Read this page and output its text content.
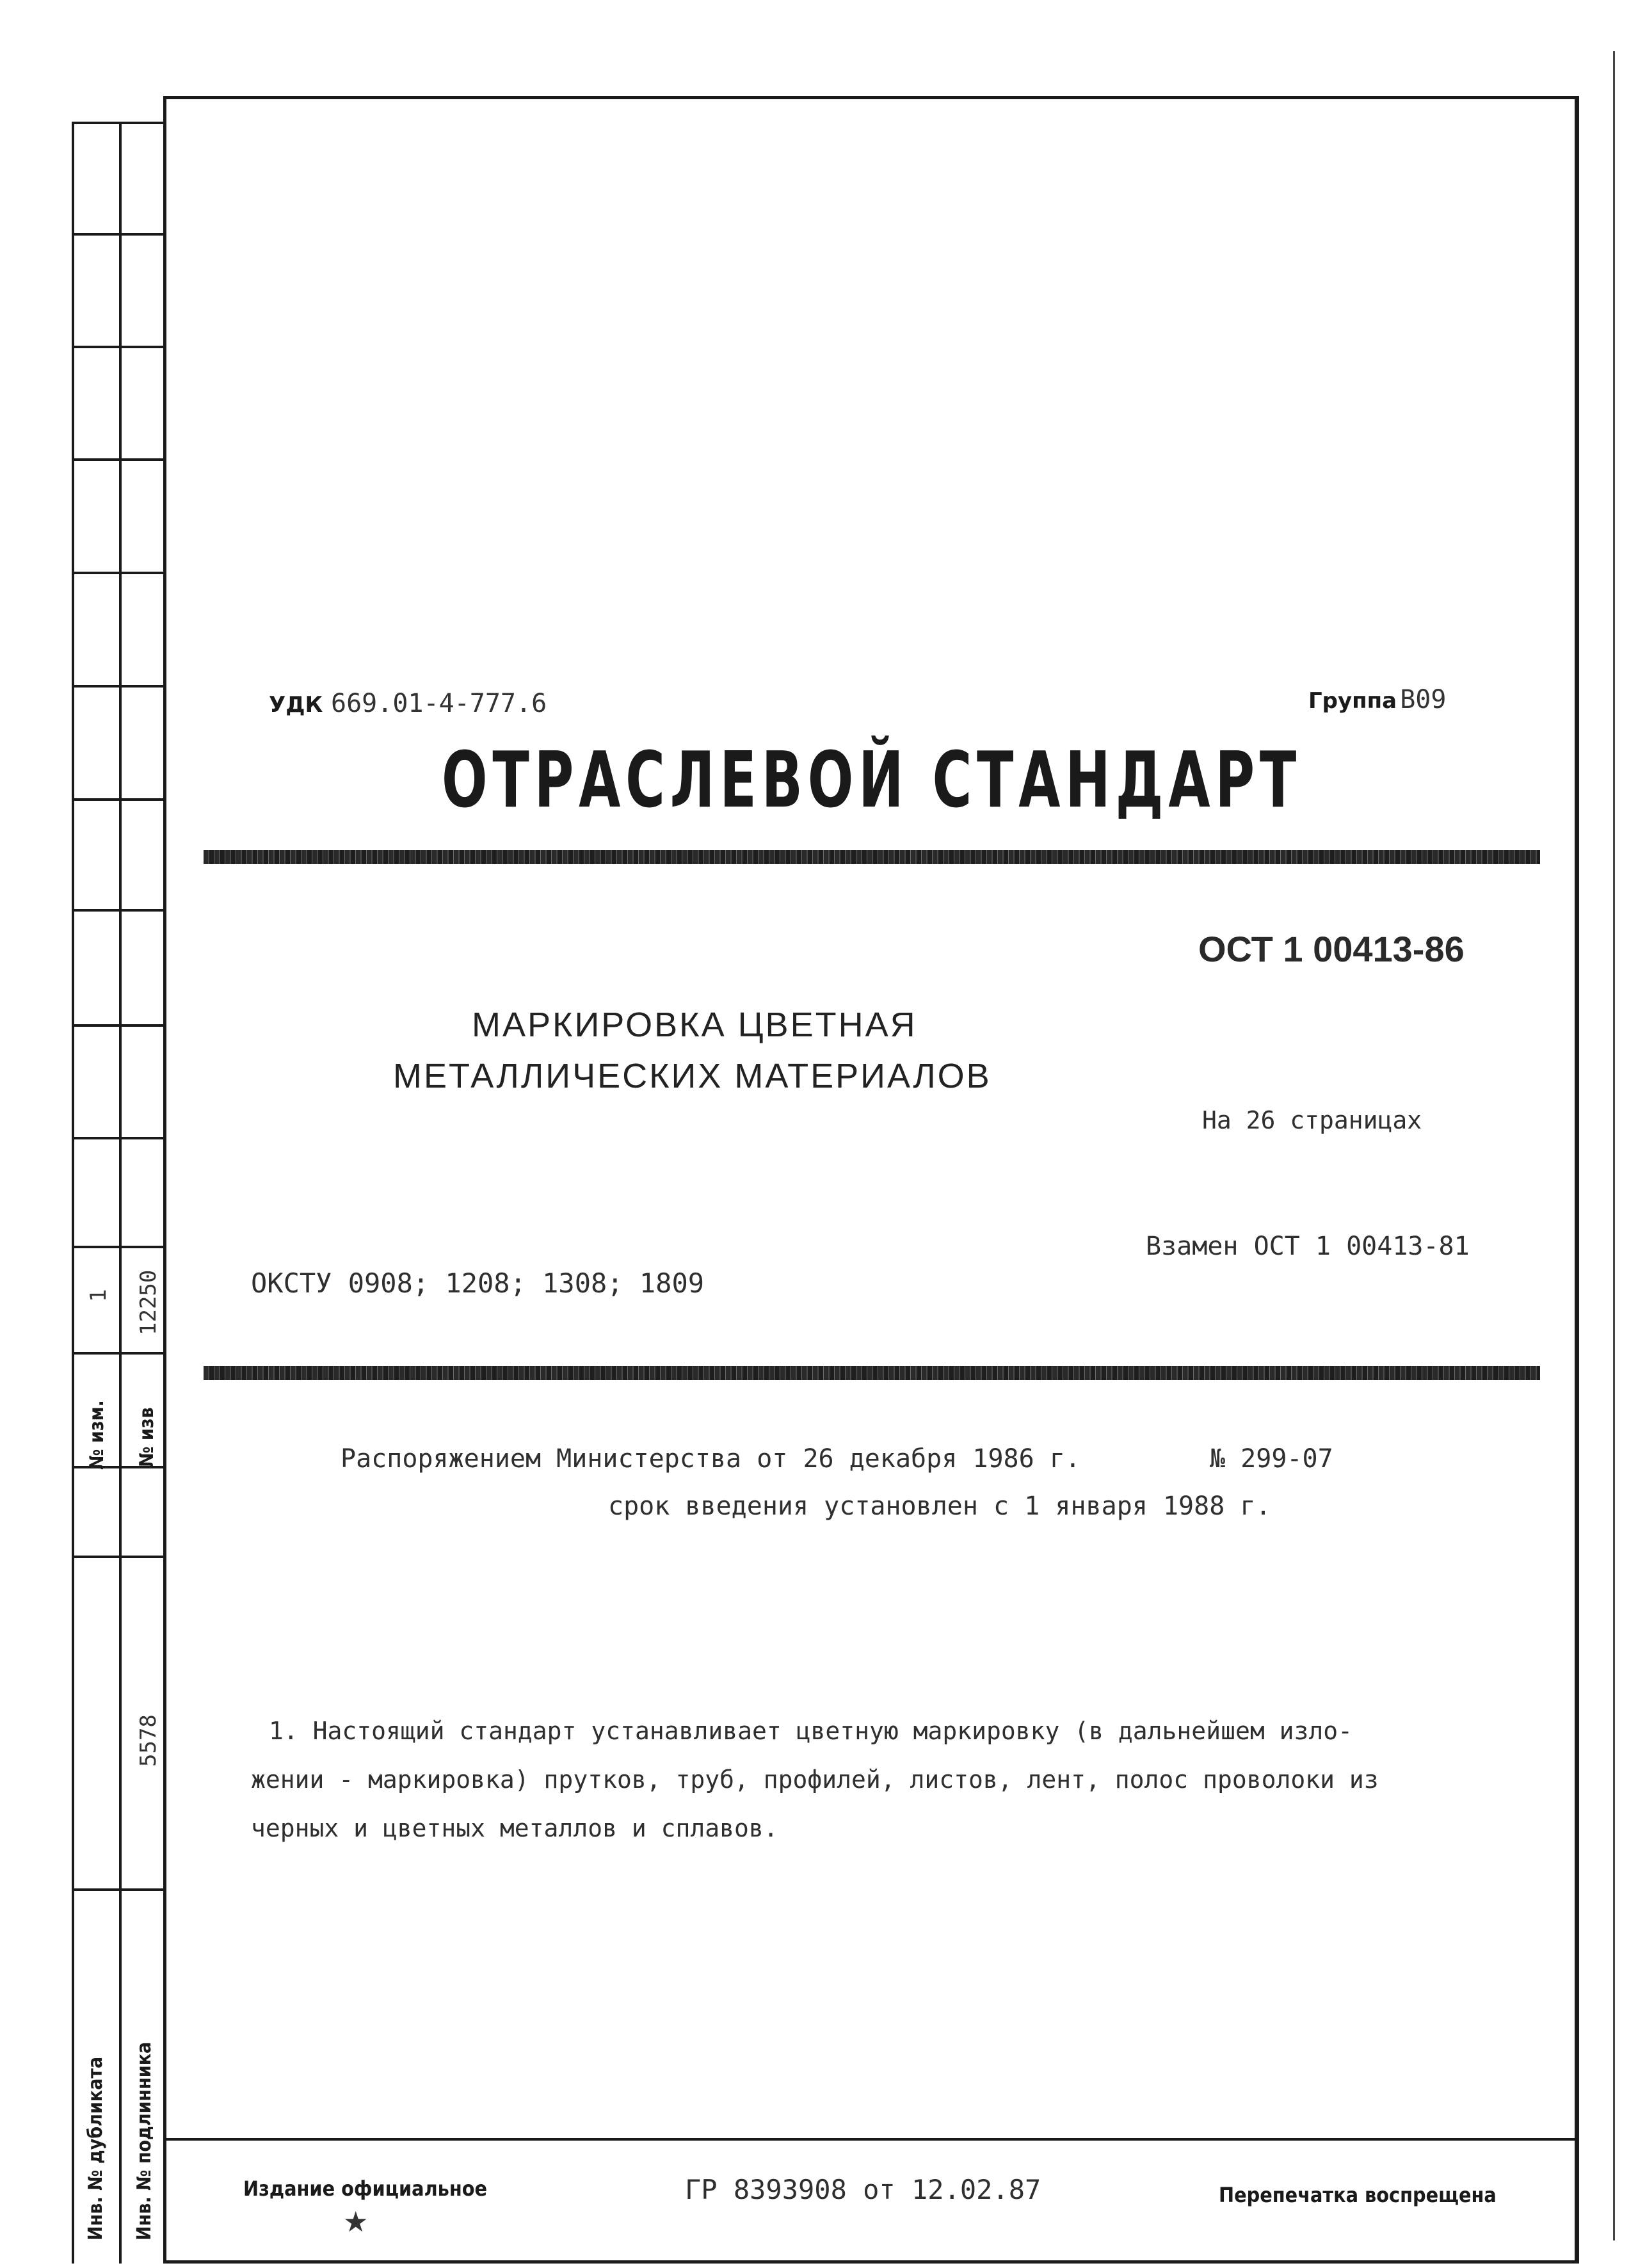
№ изм.
1
№ изв
12250
Инв. № дубликата Инв. № подлинника
5578
УДК 669.01-4-777.6	Группа В09
ОТРАСЛЕВОЙ СТАНДАРТ
ОСТ 1 00413-86
МАРКИРОВКА ЦВЕТНАЯ
МЕТАЛЛИЧЕСКИХ МАТЕРИАЛОВ
На 26 страницах
Взамен ОСТ 1 00413-81
ОКСТУ 0908; 1208; 1308; 1809
Распоряжением Министерства от 26 декабря 1986 г.	№ 299-07
срок введения установлен с 1 января 1988 г.
1. Настоящий стандарт устанавливает цветную маркировку (в дальнейшем изло-
жении - маркировка) прутков, труб, профилей, листов, лент, полос проволоки из
черных и цветных металлов и сплавов.
Издание официальное
★
ГР 8393908 от 12.02.87	Перепечатка воспрещена
